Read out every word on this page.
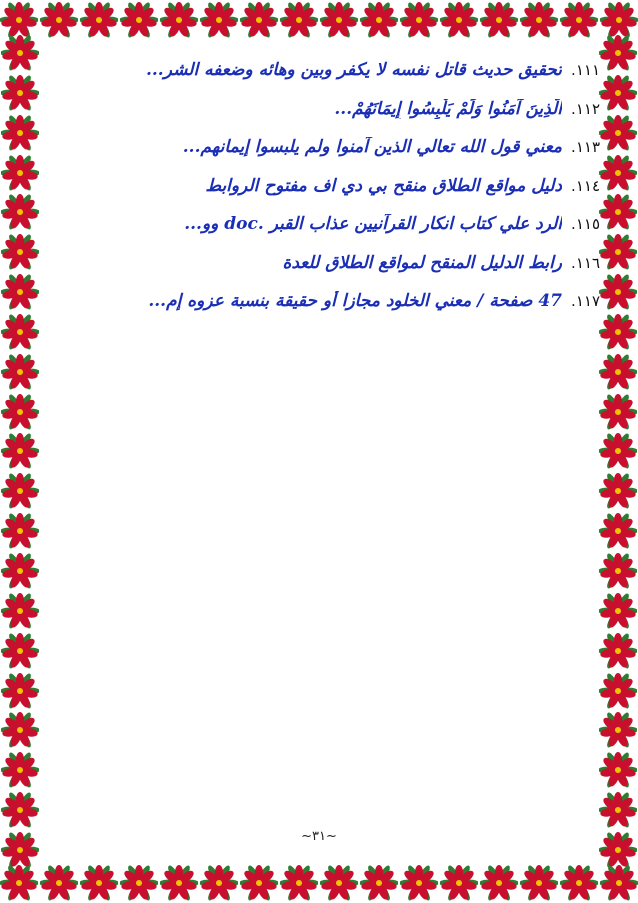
١١١.
تحقيق حديث قاتل نفسه لا يكفر وبين وهائه وضعفه الشر...
١١٢.
الَّذِينَ آمَنُوا وَلَمْ يَلْبِسُوا إِيمَانَهُمْ...
١١٣.
معني قول الله تعالي الذين آمنوا ولم يلبسوا إيمانهم...
١١٤.
دليل مواقع الطلاق منقح بي دي اف مفتوح الروابط
١١٥.
الرد علي كتاب انكار القرآنيين عذاب القبر .doc وو...
١١٦.
رابط الدليل المنقح لمواقع الطلاق للعدة
١١٧.
47 صفحة / معني الخلود مجازا أو حقيقة بنسبة عزوه إم...
~٣١~
